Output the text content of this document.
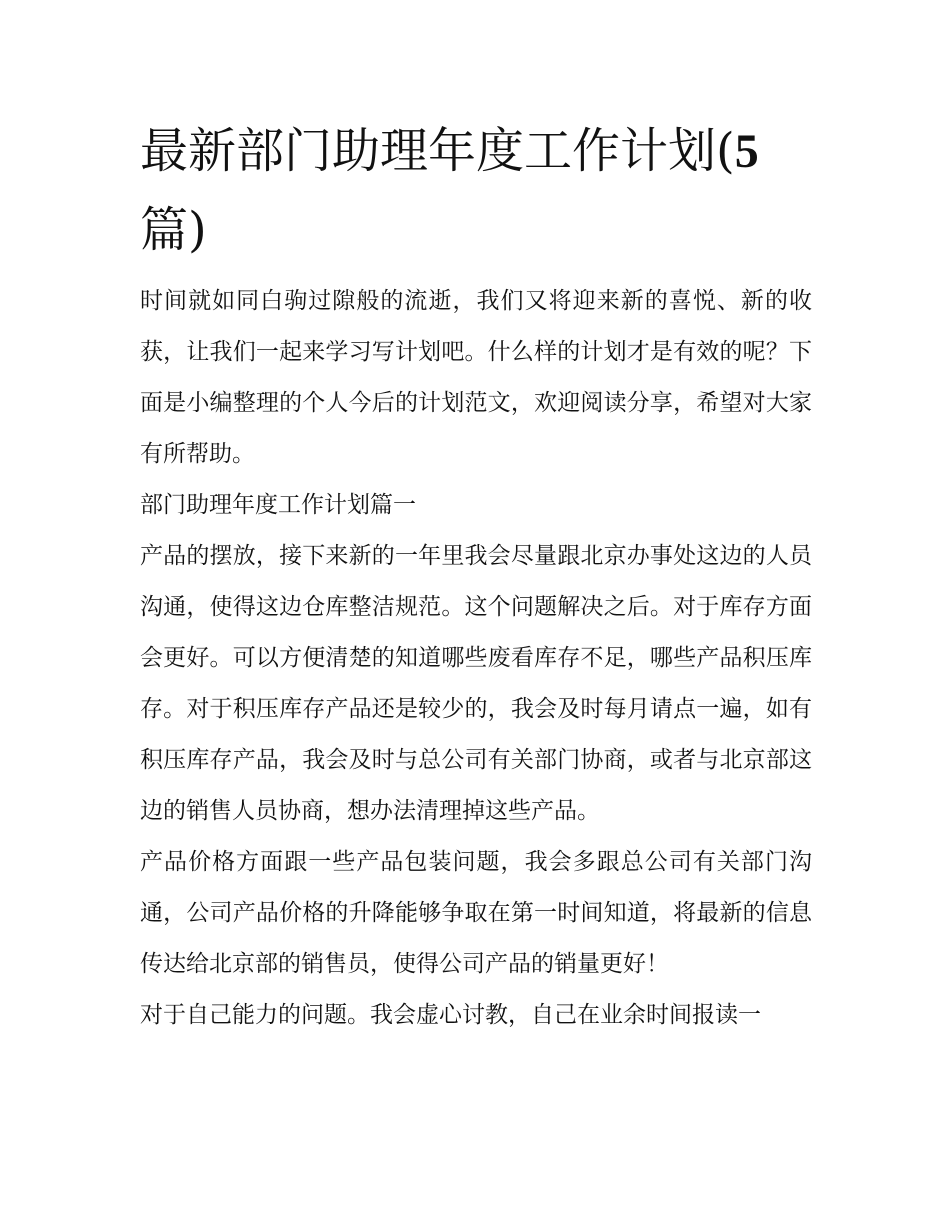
最新部门助理年度工作计划(5
篇)

时间就如同白驹过隙般的流逝，我们又将迎来新的喜悦、新的收获，让我们一起来学习写计划吧。什么样的计划才是有效的呢？下面是小编整理的个人今后的计划范文，欢迎阅读分享，希望对大家有所帮助。

部门助理年度工作计划篇一

产品的摆放，接下来新的一年里我会尽量跟北京办事处这边的人员沟通，使得这边仓库整洁规范。这个问题解决之后。对于库存方面会更好。可以方便清楚的知道哪些废看库存不足，哪些产品积压库存。对于积压库存产品还是较少的，我会及时每月请点一遍，如有积压库存产品，我会及时与总公司有关部门协商，或者与北京部这边的销售人员协商，想办法清理掉这些产品。

产品价格方面跟一些产品包装问题，我会多跟总公司有关部门沟通，公司产品价格的升降能够争取在第一时间知道，将最新的信息传达给北京部的销售员，使得公司产品的销量更好！

对于自己能力的问题。我会虚心讨教，自己在业余时间报读一
